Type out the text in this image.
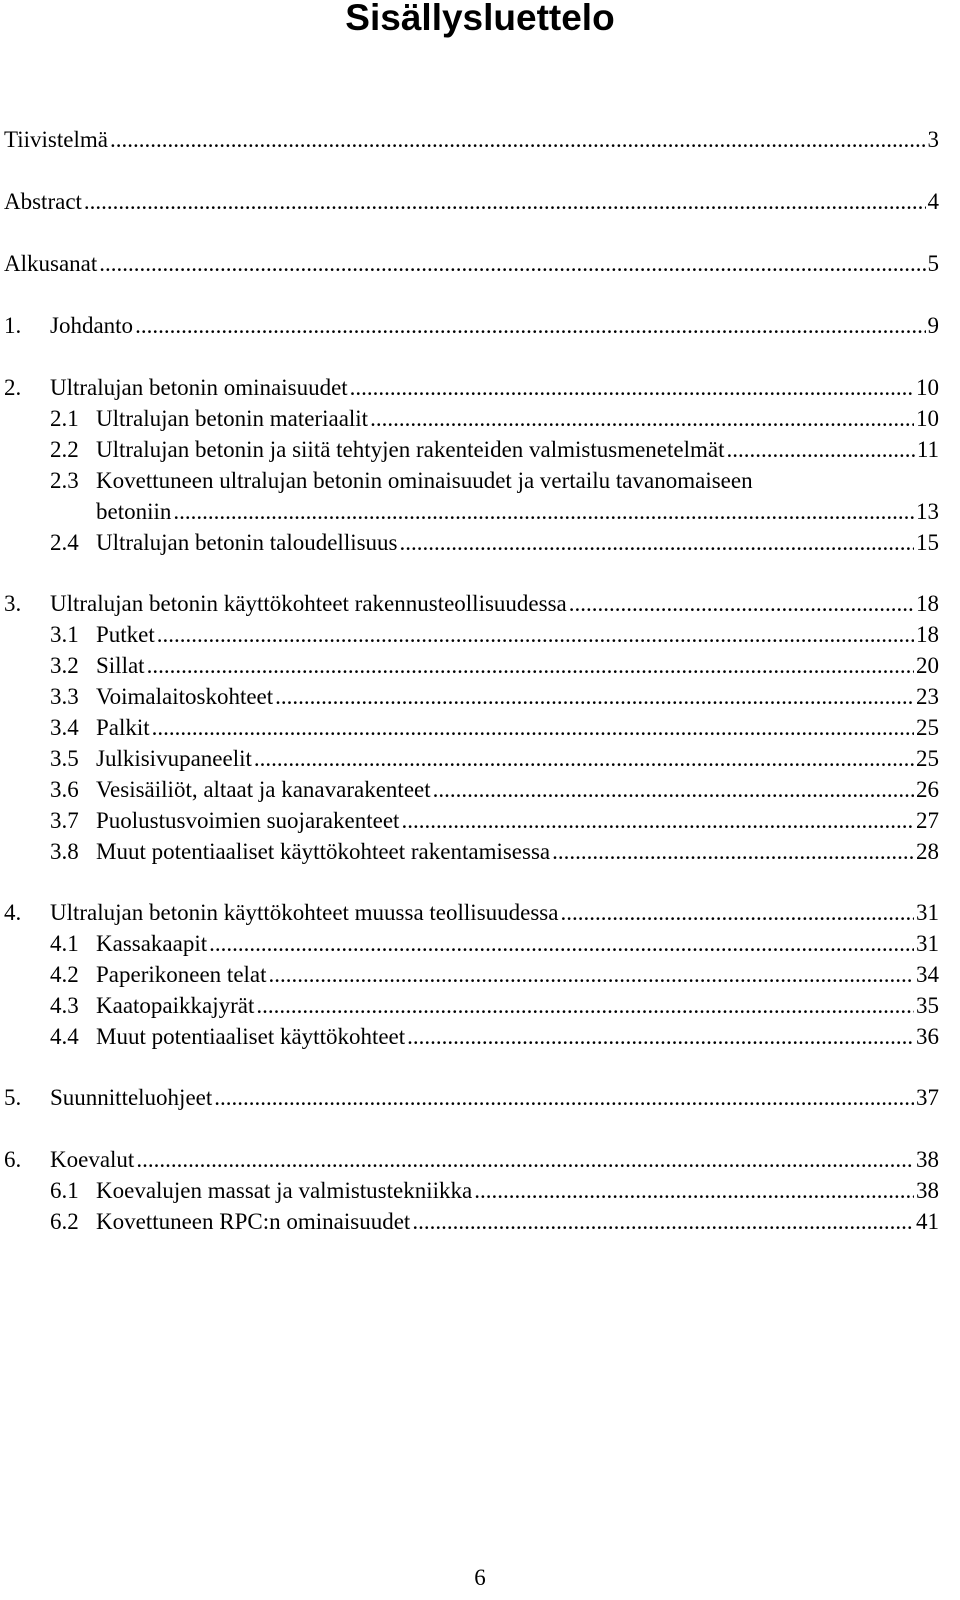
Sisällysluettelo
Tiivistelmä .....	3
Abstract .....	4
Alkusanat .....	5
1.	Johdanto .....	9
2.	Ultralujan betonin ominaisuudet .....	10
2.1 Ultralujan betonin materiaalit .....	10
2.2 Ultralujan betonin ja siitä tehtyjen rakenteiden valmistusmenetelmät .....	11
2.3 Kovettuneen ultralujan betonin ominaisuudet ja vertailu tavanomaiseen
betoniin .....	13
2.4 Ultralujan betonin taloudellisuus .....	15
3.	Ultralujan betonin käyttökohteet rakennusteollisuudessa .....	18
3.1 Putket .....	18
3.2 Sillat .....	20
3.3 Voimalaitoskohteet .....	23
3.4 Palkit .....	25
3.5 Julkisivupaneelit .....	25
3.6 Vesisäiliöt, altaat ja kanavarakenteet .....	26
3.7 Puolustusvoimien suojarakenteet .....	27
3.8 Muut potentiaaliset käyttökohteet rakentamisessa .....	28
4.	Ultralujan betonin käyttökohteet muussa teollisuudessa .....	31
4.1 Kassakaapit .....	31
4.2 Paperikoneen telat .....	34
4.3 Kaatopaikkajyrät .....	35
4.4 Muut potentiaaliset käyttökohteet .....	36
5.	Suunnitteluohjeet .....	37
6.	Koevalut .....	38
6.1 Koevalujen massat ja valmistustekniikka .....	38
6.2 Kovettuneen RPC:n ominaisuudet .....	41
6
